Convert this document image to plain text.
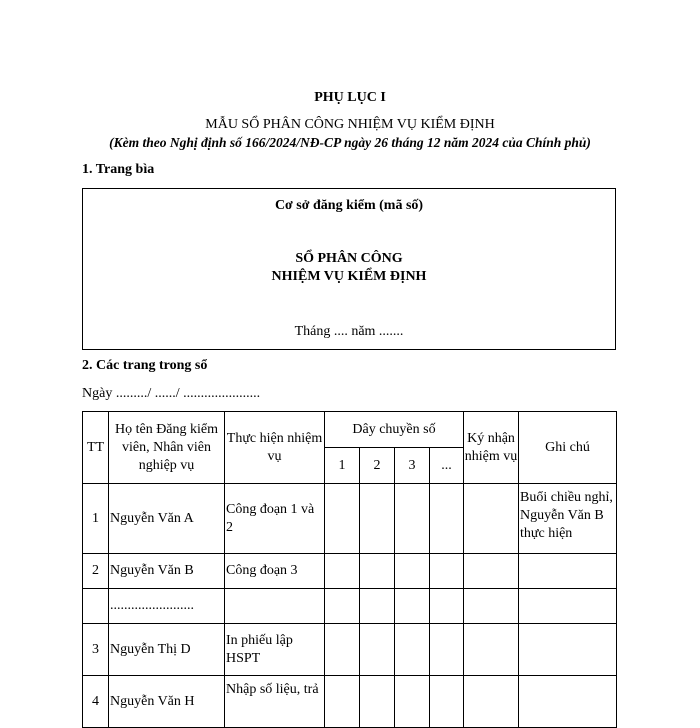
PHỤ LỤC I
MẪU SỔ PHÂN CÔNG NHIỆM VỤ KIỂM ĐỊNH
(Kèm theo Nghị định số 166/2024/NĐ-CP ngày 26 tháng 12 năm 2024 của Chính phủ)
1. Trang bìa
Cơ sở đăng kiểm (mã số)
SỔ PHÂN CÔNG
NHIỆM VỤ KIỂM ĐỊNH
Tháng .... năm .......
2. Các trang trong sổ
Ngày ........./ ....../ ......................
TT	Họ tên Đăng kiểm viên, Nhân viên nghiệp vụ	Thực hiện nhiệm vụ	Dây chuyền số				Ký nhận nhiệm vụ	Ghi chú
			1	2	3	...		
1	Nguyễn Văn A	Công đoạn 1 và 2						Buổi chiều nghỉ, Nguyễn Văn B thực hiện
2	Nguyễn Văn B	Công đoạn 3						
	........................							
3	Nguyễn Thị D	In phiếu lập HSPT						
4	Nguyễn Văn H	Nhập số liệu, trả						
